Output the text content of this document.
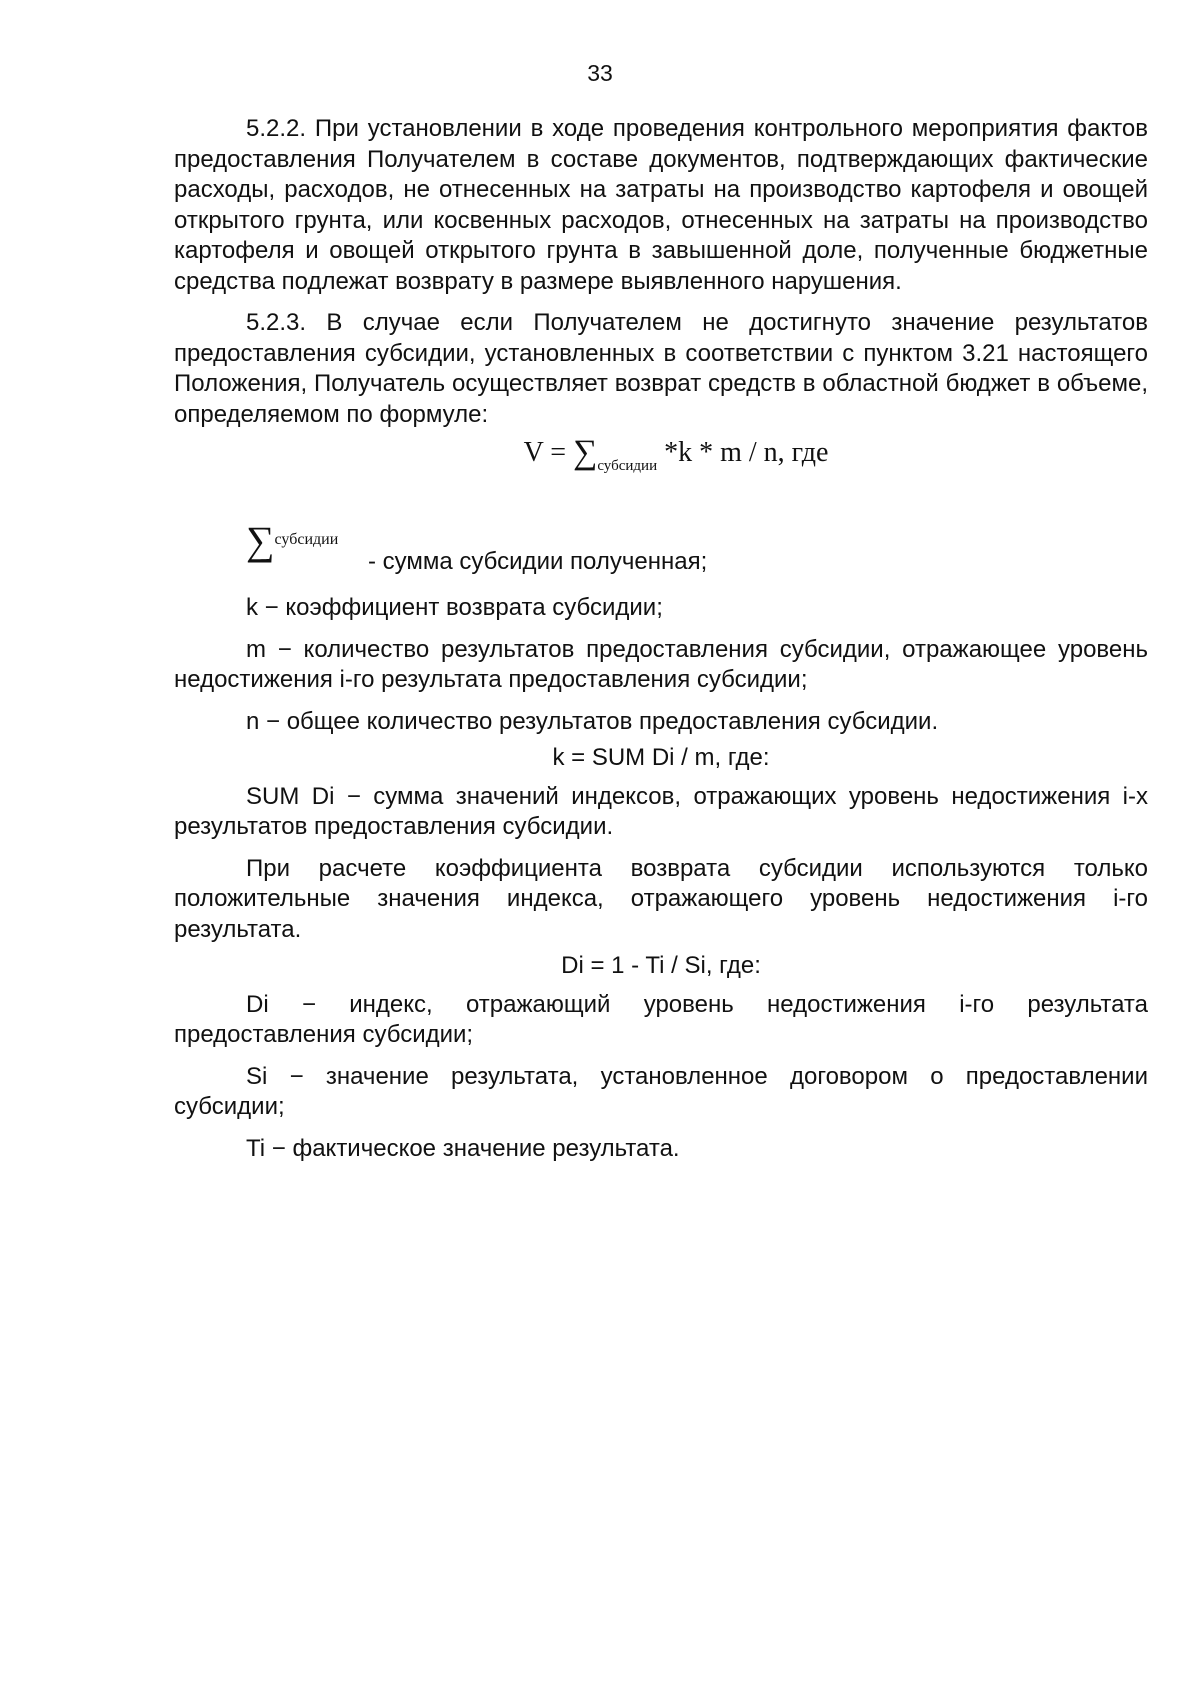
33

5.2.2. При установлении в ходе проведения контрольного мероприятия фактов предоставления Получателем в составе документов, подтверждающих фактические расходы, расходов, не отнесенных на затраты на производство картофеля и овощей открытого грунта, или косвенных расходов, отнесенных на затраты на производство картофеля и овощей открытого грунта в завышенной доле, полученные бюджетные средства подлежат возврату в размере выявленного нарушения.

5.2.3. В случае если Получателем не достигнуто значение результатов предоставления субсидии, установленных в соответствии с пунктом 3.21 настоящего Положения, Получатель осуществляет возврат средств в областной бюджет в объеме, определяемом по формуле:

$V = \sum_{субсидии}$ *k * m / n, где
∑$^{субсидии}$
- сумма субсидии полученная;

k − коэффициент возврата субсидии;

m − количество результатов предоставления субсидии, отражающее уровень недостижения i-го результата предоставления субсидии;

n − общее количество результатов предоставления субсидии.

k = SUM Di / m, где:

SUM Di − сумма значений индексов, отражающих уровень недостижения i-х результатов предоставления субсидии.

При расчете коэффициента возврата субсидии используются только положительные значения индекса, отражающего уровень недостижения i-го результата.

Di = 1 - Ti / Si, где:

Di − индекс, отражающий уровень недостижения i-го результата предоставления субсидии;

Si − значение результата, установленное договором о предоставлении субсидии;

Ti − фактическое значение результата.
